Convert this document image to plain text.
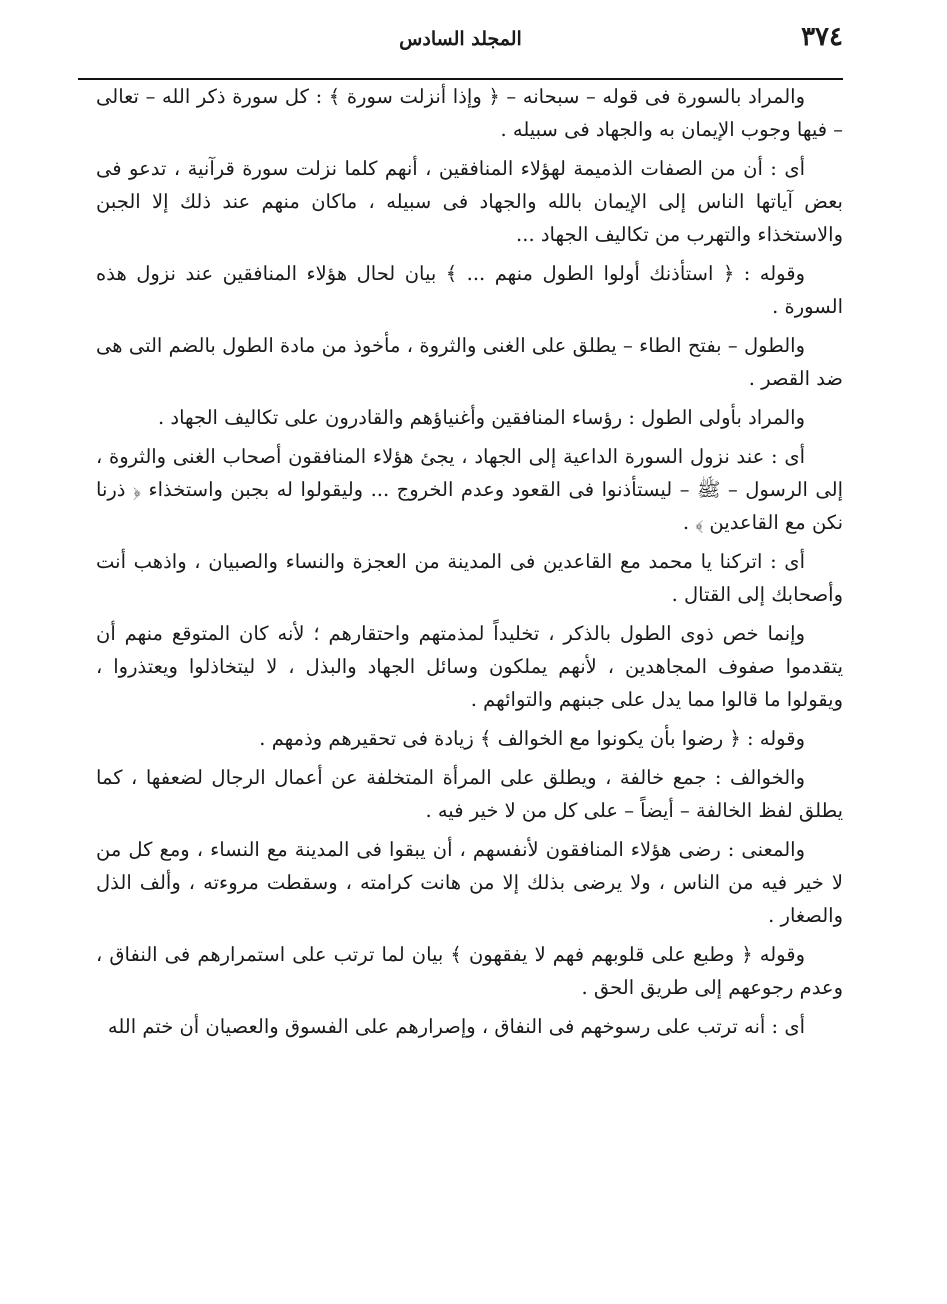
٣٧٤
المجلد السادس

والمراد بالسورة فى قوله – سبحانه – ﴿ وإذا أنزلت سورة ﴾ : كل سورة ذكر الله – تعالى – فيها وجوب الإيمان به والجهاد فى سبيله .

أى : أن من الصفات الذميمة لهؤلاء المنافقين ، أنهم كلما نزلت سورة قرآنية ، تدعو فى بعض آياتها الناس إلى الإيمان بالله والجهاد فى سبيله ، ماكان منهم عند ذلك إلا الجبن والاستخذاء والتهرب من تكاليف الجهاد ...

وقوله : ﴿ استأذنك أولوا الطول منهم ... ﴾ بيان لحال هؤلاء المنافقين عند نزول هذه السورة .

والطول – بفتح الطاء – يطلق على الغنى والثروة ، مأخوذ من مادة الطول بالضم التى هى ضد القصر .

والمراد بأولى الطول : رؤساء المنافقين وأغنياؤهم والقادرون على تكاليف الجهاد .

أى : عند نزول السورة الداعية إلى الجهاد ، يجئ هؤلاء المنافقون أصحاب الغنى والثروة ، إلى الرسول – ﷺ – ليستأذنوا فى القعود وعدم الخروج ... وليقولوا له بجبن واستخذاء ﴿ ذرنا نكن مع القاعدين ﴾ .

أى : اتركنا يا محمد مع القاعدين فى المدينة من العجزة والنساء والصبيان ، واذهب أنت وأصحابك إلى القتال .

وإنما خص ذوى الطول بالذكر ، تخليداً لمذمتهم واحتقارهم ؛ لأنه كان المتوقع منهم أن يتقدموا صفوف المجاهدين ، لأنهم يملكون وسائل الجهاد والبذل ، لا ليتخاذلوا ويعتذروا ، ويقولوا ما قالوا مما يدل على جبنهم والتوائهم .

وقوله : ﴿ رضوا بأن يكونوا مع الخوالف ﴾ زيادة فى تحقيرهم وذمهم .

والخوالف : جمع خالفة ، ويطلق على المرأة المتخلفة عن أعمال الرجال لضعفها ، كما يطلق لفظ الخالفة – أيضاً – على كل من لا خير فيه .

والمعنى : رضى هؤلاء المنافقون لأنفسهم ، أن يبقوا فى المدينة مع النساء ، ومع كل من لا خير فيه من الناس ، ولا يرضى بذلك إلا من هانت كرامته ، وسقطت مروءته ، وألف الذل والصغار .

وقوله ﴿ وطبع على قلوبهم فهم لا يفقهون ﴾ بيان لما ترتب على استمرارهم فى النفاق ، وعدم رجوعهم إلى طريق الحق .

أى : أنه ترتب على رسوخهم فى النفاق ، وإصرارهم على الفسوق والعصيان أن ختم الله
